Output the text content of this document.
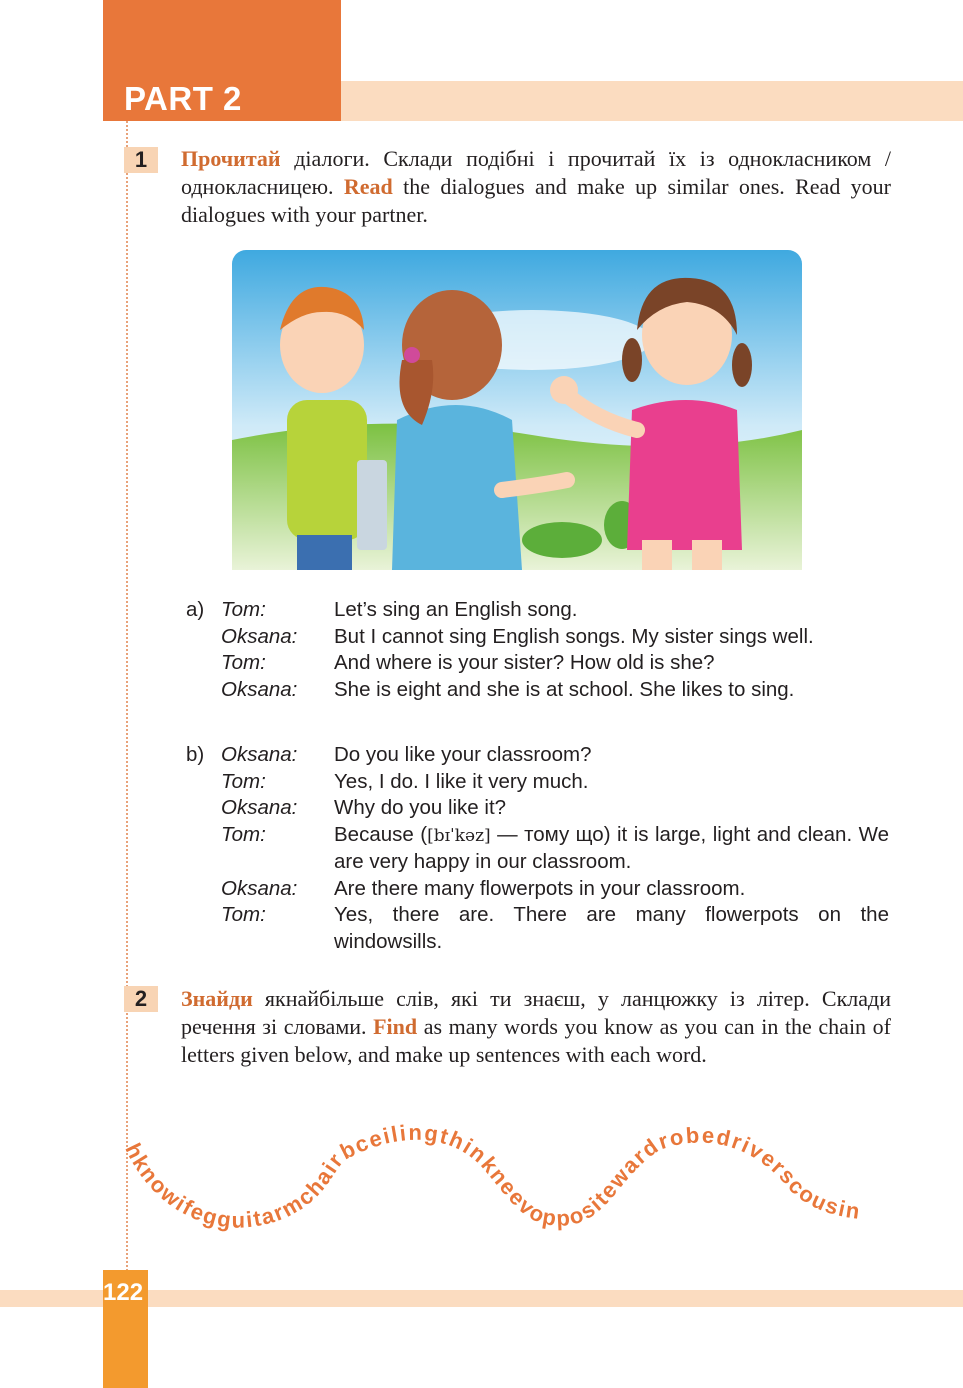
PART 2
1	Прочитай діалоги. Склади подібні і прочитай їх із однокласником / однокласницею. Read the dialogues and make up similar ones. Read your dialogues with your partner.
a) Tom:	Let’s sing an English song.
Oksana:	But I cannot sing English songs. My sister sings well.
Tom:	And where is your sister? How old is she?
Oksana:	She is eight and she is at school. She likes to sing.
b) Oksana:	Do you like your classroom?
Tom:	Yes, I do. I like it very much.
Oksana:	Why do you like it?
Tom:	Because ([bɪˈkəz] — тому що) it is large, light and clean. We are very happy in our classroom.
Oksana:	Are there many flowerpots in your classroom.
Tom:	Yes, there are. There are many flowerpots on the windowsills.
2	Знайди якнайбільше слів, які ти знаєш, у ланцюжку із літер. Склади речення зі словами. Find as many words you know as you can in the chain of letters given below, and make up sentences with each word.
hknowifegguitarmchairbceilingthinkneevoppositewardrobedriverscousin
122
